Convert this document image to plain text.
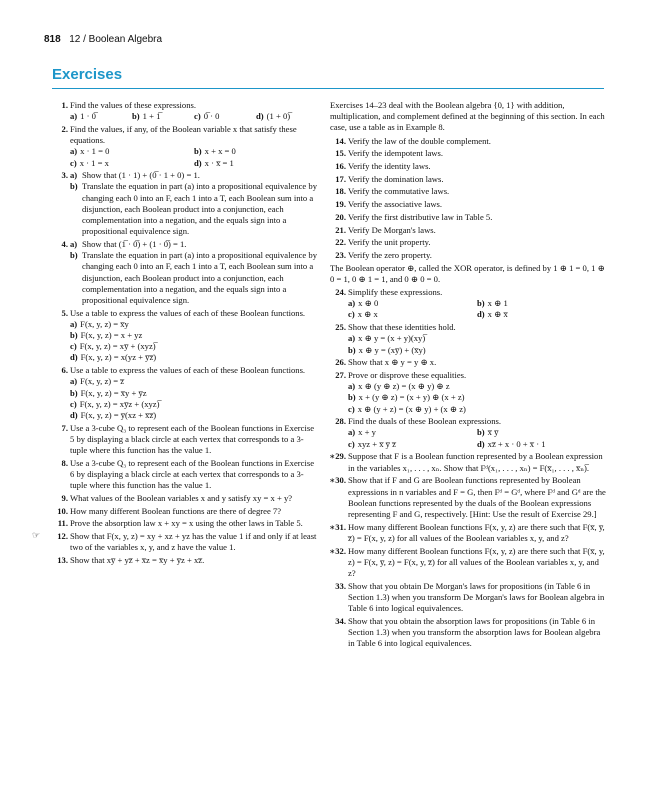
818 12 / Boolean Algebra
Exercises
1. Find the values of these expressions.
a) 1 · 0̅	b) 1 + 1̅	c) 0̅ · 0	d) (1 + 0)̅
2. Find the values, if any, of the Boolean variable x that satisfy these equations.
a) x · 1 = 0	b) x + x = 0
c) x · 1 = x	d) x · x̅ = 1
3. a) Show that (1 · 1) + (0̅ · 1 + 0) = 1.
b) Translate the equation in part (a) into a propositional equivalence by changing each 0 into an F, each 1 into a T, each Boolean sum into a disjunction, each Boolean product into a conjunction, each complementation into a negation, and the equals sign into a propositional equivalence sign.
4. a) Show that (1̅ · 0̅) + (1 · 0̅) = 1.
b) Translate the equation in part (a) into a propositional equivalence by changing each 0 into an F, each 1 into a T, each Boolean sum into a disjunction, each Boolean product into a conjunction, each complementation into a negation, and the equals sign into a propositional equivalence sign.
5. Use a table to express the values of each of these Boolean functions.
a) F(x, y, z) = x̅y
b) F(x, y, z) = x + yz
c) F(x, y, z) = xy̅ + (xyz)̅
d) F(x, y, z) = x(yz + y̅z̅)
6. Use a table to express the values of each of these Boolean functions.
a) F(x, y, z) = z̅
b) F(x, y, z) = x̅y + y̅z
c) F(x, y, z) = xy̅z + (xyz)̅
d) F(x, y, z) = y̅(xz + x̅z̅)
7. Use a 3-cube Q₃ to represent each of the Boolean functions in Exercise 5 by displaying a black circle at each vertex that corresponds to a 3-tuple where this function has the value 1.
8. Use a 3-cube Q₃ to represent each of the Boolean functions in Exercise 6 by displaying a black circle at each vertex that corresponds to a 3-tuple where this function has the value 1.
9. What values of the Boolean variables x and y satisfy xy = x + y?
10. How many different Boolean functions are there of degree 7?
11. Prove the absorption law x + xy = x using the other laws in Table 5.
12.
☞	Show that F(x, y, z) = xy + xz + yz has the value 1 if and only if at least two of the variables x, y, and z have the value 1.
13. Show that xy̅ + yz̅ + x̅z = x̅y + y̅z + xz̅.
Exercises 14–23 deal with the Boolean algebra {0, 1} with addition, multiplication, and complement defined at the beginning of this section. In each case, use a table as in Example 8.
14. Verify the law of the double complement.
15. Verify the idempotent laws.
16. Verify the identity laws.
17. Verify the domination laws.
18. Verify the commutative laws.
19. Verify the associative laws.
20. Verify the first distributive law in Table 5.
21. Verify De Morgan's laws.
22. Verify the unit property.
23. Verify the zero property.
The Boolean operator ⊕, called the XOR operator, is defined by 1 ⊕ 1 = 0, 1 ⊕ 0 = 1, 0 ⊕ 1 = 1, and 0 ⊕ 0 = 0.
24. Simplify these expressions.
a) x ⊕ 0	b) x ⊕ 1
c) x ⊕ x	d) x ⊕ x̅
25. Show that these identities hold.
a) x ⊕ y = (x + y)(xy)̅
b) x ⊕ y = (xy̅) + (x̅y)
26. Show that x ⊕ y = y ⊕ x.
27. Prove or disprove these equalities.
a) x ⊕ (y ⊕ z) = (x ⊕ y) ⊕ z
b) x + (y ⊕ z) = (x + y) ⊕ (x + z)
c) x ⊕ (y + z) = (x ⊕ y) + (x ⊕ z)
28. Find the duals of these Boolean expressions.
a) x + y	b) x̅ y̅
c) xyz + x̅ y̅ z̅	d) xz̅ + x · 0 + x̅ · 1
∗29. Suppose that F is a Boolean function represented by a Boolean expression in the variables x₁, . . . , xₙ. Show that Fᵈ(x₁, . . . , xₙ) = F(x̅₁, . . . , x̅ₙ)̅.
∗30. Show that if F and G are Boolean functions represented by Boolean expressions in n variables and F = G, then Fᵈ = Gᵈ, where Fᵈ and Gᵈ are the Boolean functions represented by the duals of the Boolean expressions representing F and G, respectively. [Hint: Use the result of Exercise 29.]
∗31. How many different Boolean functions F(x, y, z) are there such that F(x̅, y̅, z̅) = F(x, y, z) for all values of the Boolean variables x, y, and z?
∗32. How many different Boolean functions F(x, y, z) are there such that F(x̅, y, z) = F(x, y̅, z) = F(x, y, z̅) for all values of the Boolean variables x, y, and z?
33. Show that you obtain De Morgan's laws for propositions (in Table 6 in Section 1.3) when you transform De Morgan's laws for Boolean algebra in Table 6 into logical equivalences.
34. Show that you obtain the absorption laws for propositions (in Table 6 in Section 1.3) when you transform the absorption laws for Boolean algebra in Table 6 into logical equivalences.
